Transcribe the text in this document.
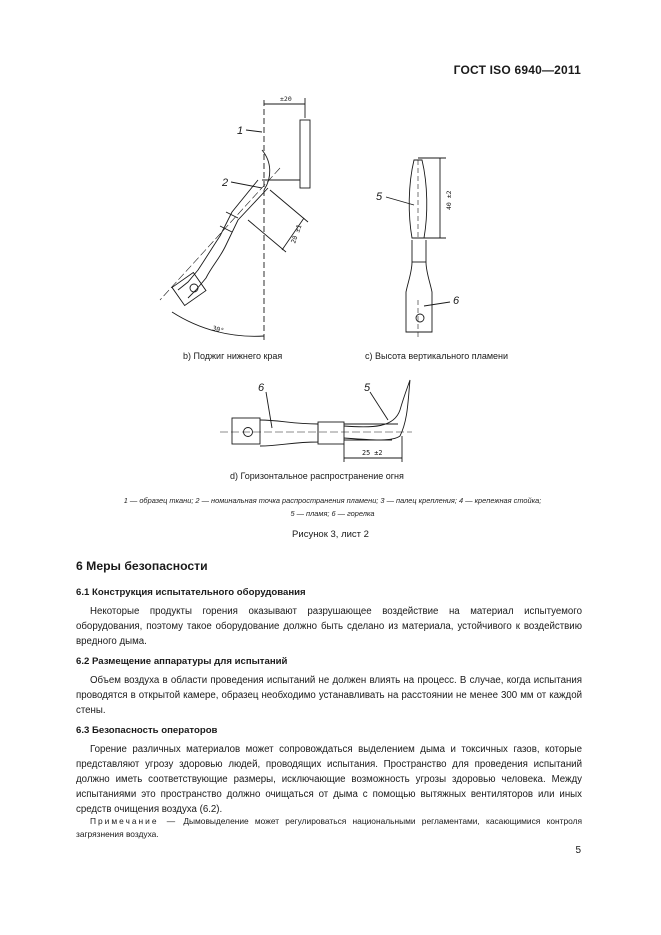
ГОСТ ISO 6940—2011
±20
20 ±1
30°
1
2
40 ±2
5
6
25 ±2
6	5
b) Поджиг нижнего края	c) Высота вертикального пламени
d) Горизонтальное распространение огня
1 — образец ткани; 2 — номинальная точка распространения пламени; 3 — палец крепления; 4 — крепежная стойка;
5 — пламя; 6 — горелка
Рисунок 3, лист 2
6 Меры безопасности
6.1 Конструкция испытательного оборудования
Некоторые продукты горения оказывают разрушающее воздействие на материал испытуемого оборудования, поэтому такое оборудование должно быть сделано из материала, устойчивого к воздействию вредного дыма.
6.2 Размещение аппаратуры для испытаний
Объем воздуха в области проведения испытаний не должен влиять на процесс. В случае, когда испытания проводятся в открытой камере, образец необходимо устанавливать на расстоянии не менее 300 мм от каждой стены.
6.3 Безопасность операторов
Горение различных материалов может сопровождаться выделением дыма и токсичных газов, которые представляют угрозу здоровью людей, проводящих испытания. Пространство для проведения испытаний должно иметь соответствующие размеры, исключающие возможность угрозы здоровью человека. Между испытаниями это пространство должно очищаться от дыма с помощью вытяжных вентиляторов или иных средств очищения воздуха (6.2).
Примечание — Дымовыделение может регулироваться национальными регламентами, касающимися контроля загрязнения воздуха.
5
